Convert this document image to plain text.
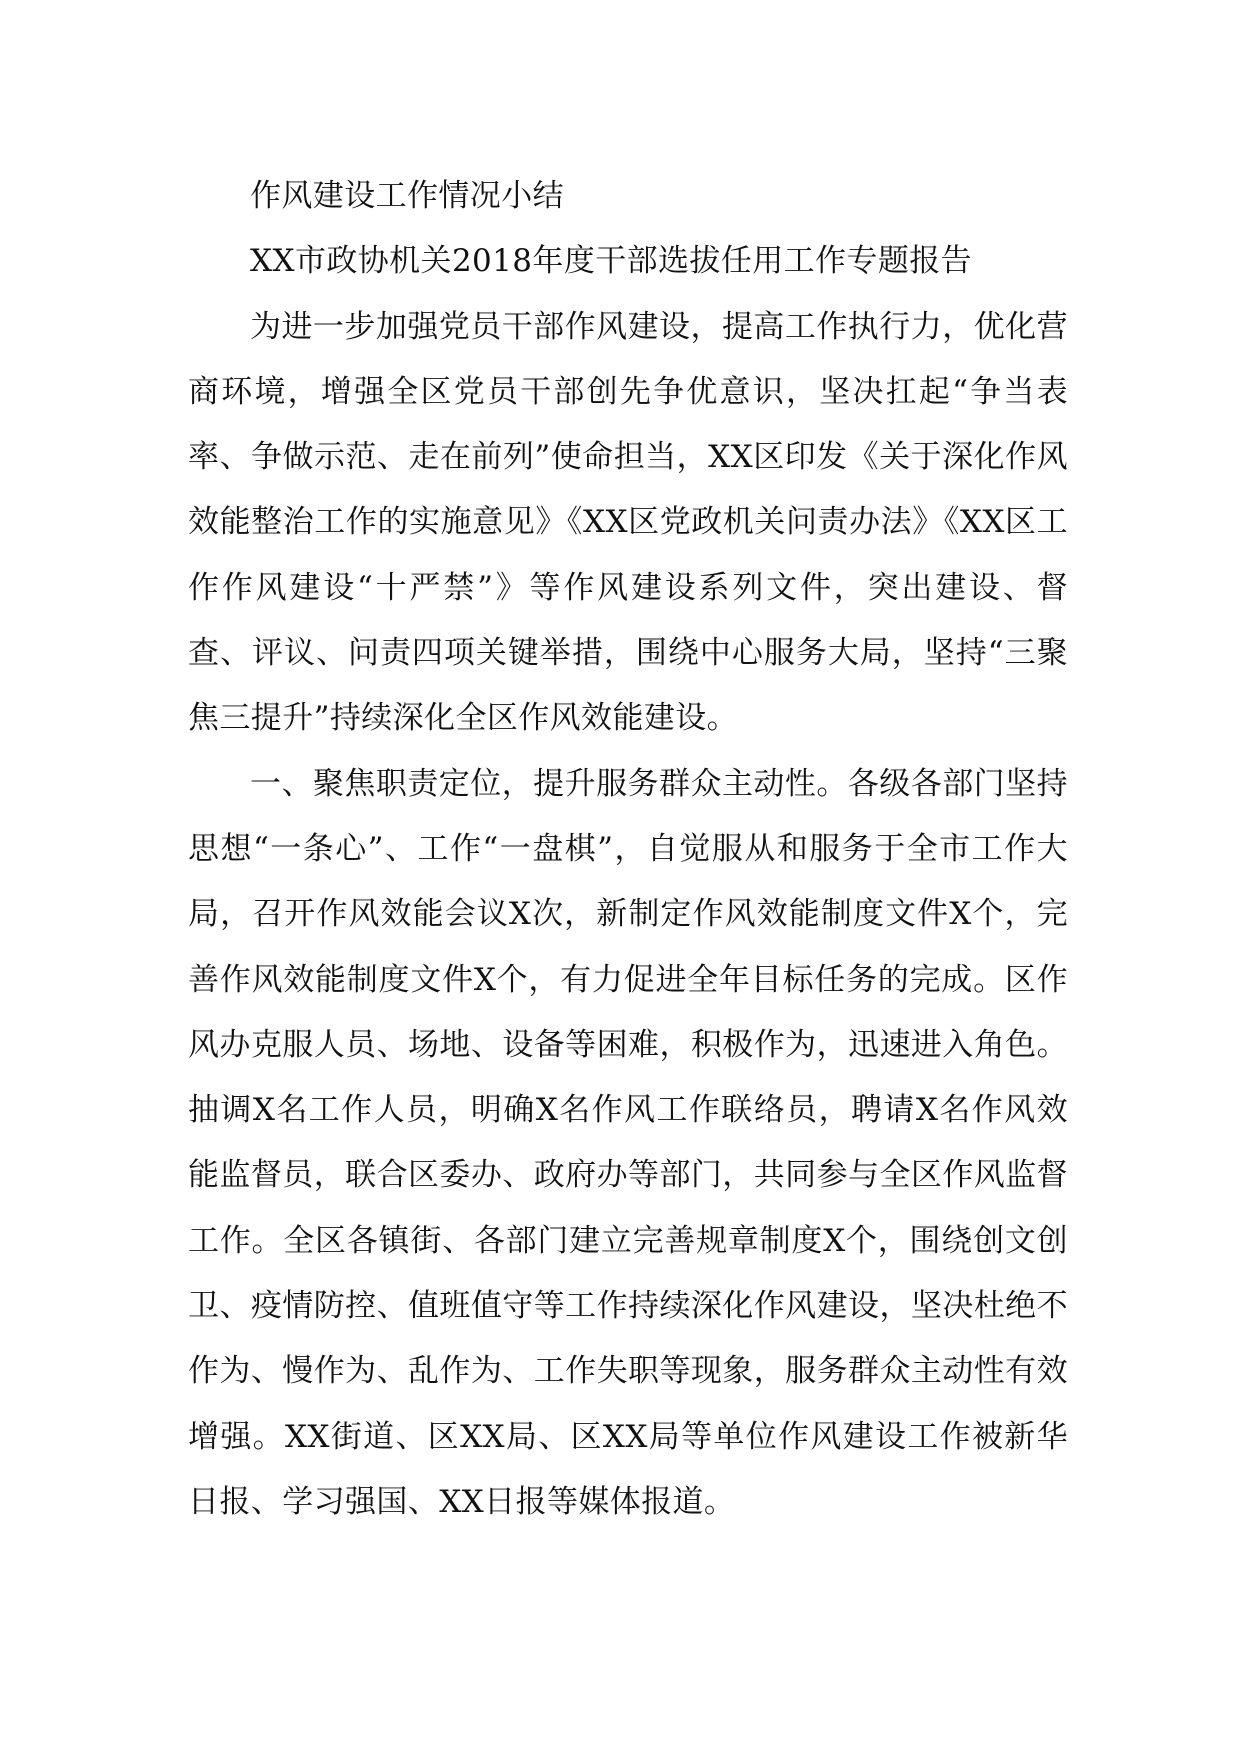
作风建设工作情况小结

XX市政协机关2018年度干部选拔任用工作专题报告

为进一步加强党员干部作风建设，提高工作执行力，优化营商环境，增强全区党员干部创先争优意识，坚决扛起“争当表率、争做示范、走在前列”使命担当，XX区印发《关于深化作风效能整治工作的实施意见》《XX区党政机关问责办法》《XX区工作作风建设“十严禁”》等作风建设系列文件，突出建设、督查、评议、问责四项关键举措，围绕中心服务大局，坚持“三聚焦三提升”持续深化全区作风效能建设。

一、聚焦职责定位，提升服务群众主动性。各级各部门坚持思想“一条心”、工作“一盘棋”，自觉服从和服务于全市工作大局，召开作风效能会议X次，新制定作风效能制度文件X个，完善作风效能制度文件X个，有力促进全年目标任务的完成。区作风办克服人员、场地、设备等困难，积极作为，迅速进入角色。抽调X名工作人员，明确X名作风工作联络员，聘请X名作风效能监督员，联合区委办、政府办等部门，共同参与全区作风监督工作。全区各镇街、各部门建立完善规章制度X个，围绕创文创卫、疫情防控、值班值守等工作持续深化作风建设，坚决杜绝不作为、慢作为、乱作为、工作失职等现象，服务群众主动性有效增强。XX街道、区XX局、区XX局等单位作风建设工作被新华日报、学习强国、XX日报等媒体报道。
